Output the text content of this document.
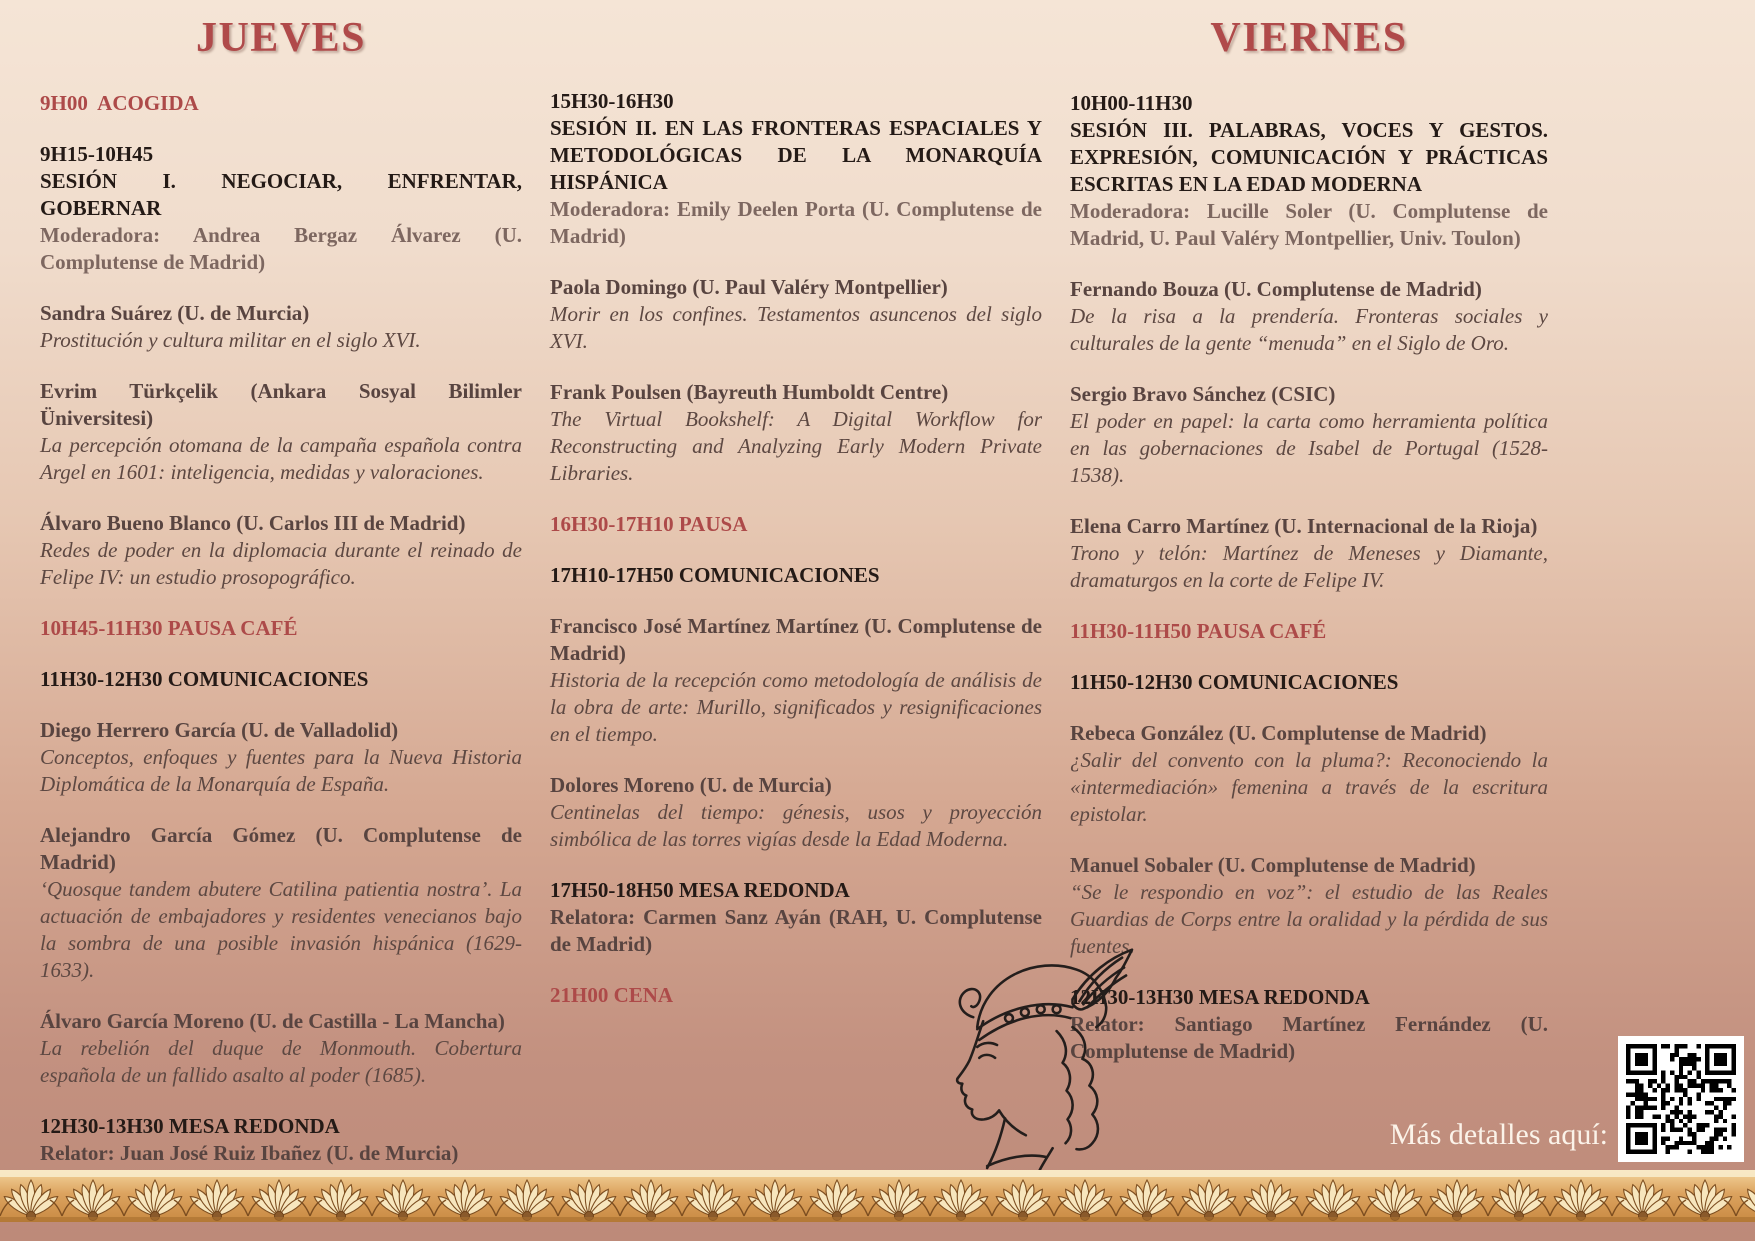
JUEVES

9H00  ACOGIDA

9H15-10H45

SESIÓN I. NEGOCIAR, ENFRENTAR, GOBERNAR

Moderadora: Andrea Bergaz Álvarez (U. Complutense de Madrid)

Sandra Suárez (U. de Murcia)

Prostitución y cultura militar en el siglo XVI.

Evrim Türkçelik (Ankara Sosyal Bilimler Üniversitesi)

La percepción otomana de la campaña española contra Argel en 1601: inteligencia, medidas y valoraciones.

Álvaro Bueno Blanco (U. Carlos III de Madrid)

Redes de poder en la diplomacia durante el reinado de Felipe IV: un estudio prosopográfico.

10H45-11H30 PAUSA CAFÉ

11H30-12H30 COMUNICACIONES

Diego Herrero García (U. de Valladolid)

Conceptos, enfoques y fuentes para la Nueva Historia Diplomática de la Monarquía de España.

Alejandro García Gómez (U. Complutense de Madrid)

‘Quosque tandem abutere Catilina patientia nostra’. La actuación de embajadores y residentes venecianos bajo la sombra de una posible invasión hispánica (1629-1633).

Álvaro García Moreno (U. de Castilla - La Mancha)

La rebelión del duque de Monmouth. Cobertura española de un fallido asalto al poder (1685).

12H30-13H30 MESA REDONDA

Relator: Juan José Ruiz Ibañez (U. de Murcia)

15H30-16H30

SESIÓN II. EN LAS FRONTERAS ESPACIALES Y METODOLÓGICAS DE LA MONARQUÍA HISPÁNICA

Moderadora: Emily Deelen Porta (U. Complutense de Madrid)

Paola Domingo (U. Paul Valéry Montpellier)

Morir en los confines. Testamentos asuncenos del siglo XVI.

Frank Poulsen (Bayreuth Humboldt Centre)

The Virtual Bookshelf: A Digital Workflow for Reconstructing and Analyzing Early Modern Private Libraries.

16H30-17H10 PAUSA

17H10-17H50 COMUNICACIONES

Francisco José Martínez Martínez (U. Complutense de Madrid)

Historia de la recepción como metodología de análisis de la obra de arte: Murillo, significados y resignificaciones en el tiempo.

Dolores Moreno (U. de Murcia)

Centinelas del tiempo: génesis, usos y proyección simbólica de las torres vigías desde la Edad Moderna.

17H50-18H50 MESA REDONDA

Relatora: Carmen Sanz Ayán (RAH, U. Complutense de Madrid)

21H00 CENA

VIERNES

10H00-11H30

SESIÓN III. PALABRAS, VOCES Y GESTOS. EXPRESIÓN, COMUNICACIÓN Y PRÁCTICAS ESCRITAS EN LA EDAD MODERNA

Moderadora: Lucille Soler (U. Complutense de Madrid, U. Paul Valéry Montpellier, Univ. Toulon)

Fernando Bouza (U. Complutense de Madrid)

De la risa a la prendería. Fronteras sociales y culturales de la gente “menuda” en el Siglo de Oro.

Sergio Bravo Sánchez (CSIC)

El poder en papel: la carta como herramienta política en las gobernaciones de Isabel de Portugal (1528-1538).

Elena Carro Martínez (U. Internacional de la Rioja)

Trono y telón: Martínez de Meneses y Diamante, dramaturgos en la corte de Felipe IV.

11H30-11H50 PAUSA CAFÉ

11H50-12H30 COMUNICACIONES

Rebeca González (U. Complutense de Madrid)

¿Salir del convento con la pluma?: Reconociendo la «intermediación» femenina a través de la escritura epistolar.

Manuel Sobaler (U. Complutense de Madrid)

“Se le respondio en voz”: el estudio de las Reales Guardias de Corps entre la oralidad y la pérdida de sus fuentes.

12H30-13H30 MESA REDONDA

Relator: Santiago Martínez Fernández (U. Complutense de Madrid)

Más detalles aquí:
